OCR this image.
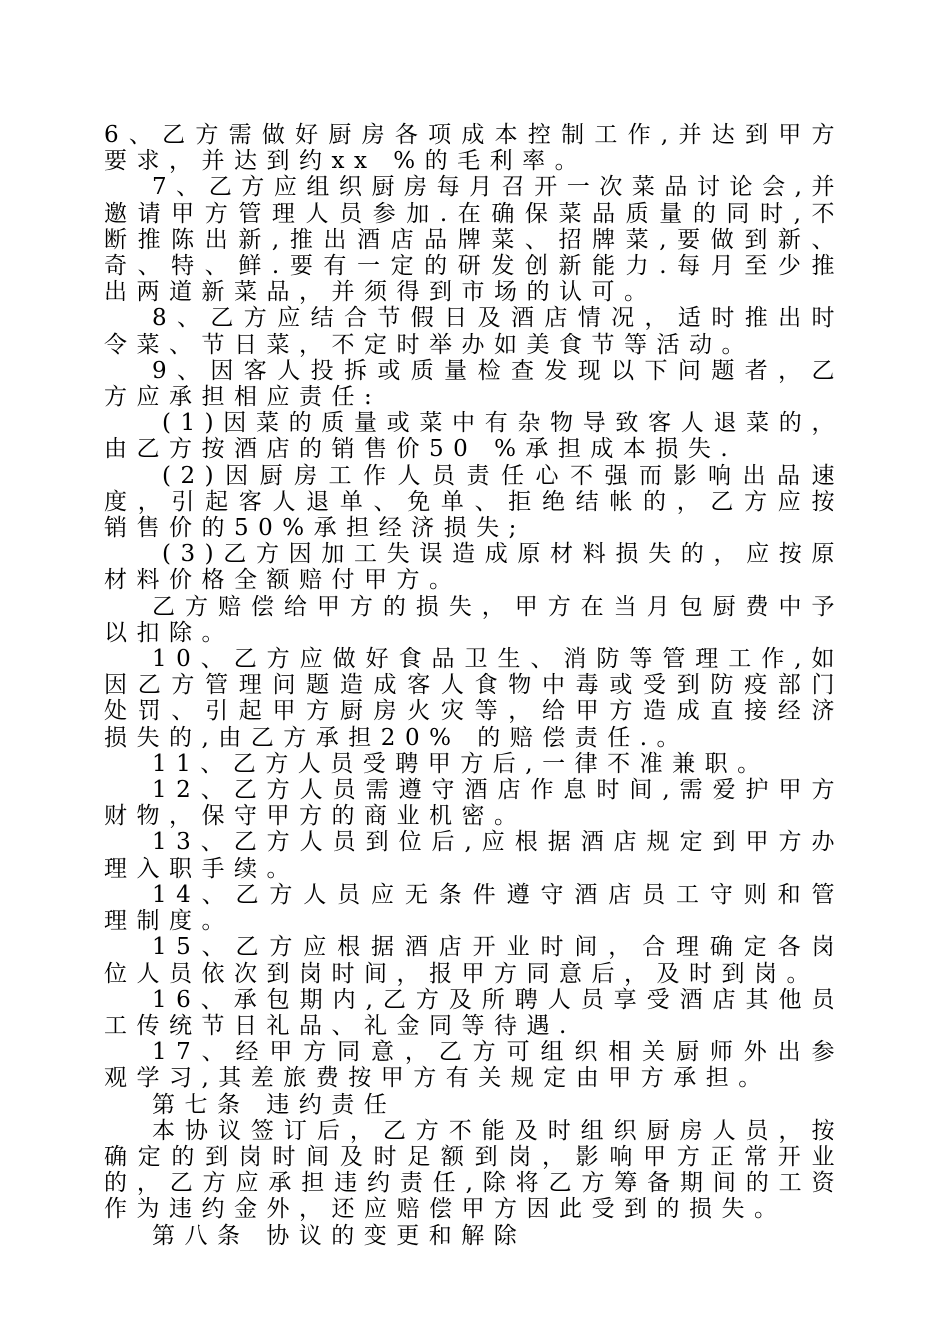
6、乙方需做好厨房各项成本控制工作,并达到甲方要求，并达到约xx %的毛利率。

7、乙方应组织厨房每月召开一次菜品讨论会,并邀请甲方管理人员参加.在确保菜品质量的同时,不断推陈出新,推出酒店品牌菜、招牌菜,要做到新、奇、特、鲜.要有一定的研发创新能力.每月至少推出两道新菜品，并须得到市场的认可。

8、乙方应结合节假日及酒店情况，适时推出时令菜、节日菜，不定时举办如美食节等活动。

9、因客人投拆或质量检查发现以下问题者，乙方应承担相应责任:

(1)因菜的质量或菜中有杂物导致客人退菜的，由乙方按酒店的销售价50 %承担成本损失.

(2)因厨房工作人员责任心不强而影响出品速度，引起客人退单、免单、拒绝结帐的，乙方应按销售价的50%承担经济损失;

(3)乙方因加工失误造成原材料损失的，应按原材料价格全额赔付甲方。

乙方赔偿给甲方的损失，甲方在当月包厨费中予以扣除。

10、乙方应做好食品卫生、消防等管理工作,如因乙方管理问题造成客人食物中毒或受到防疫部门处罚、引起甲方厨房火灾等，给甲方造成直接经济损失的,由乙方承担20% 的赔偿责任.。

11、乙方人员受聘甲方后,一律不准兼职。

12、乙方人员需遵守酒店作息时间,需爱护甲方财物，保守甲方的商业机密。

13、乙方人员到位后,应根据酒店规定到甲方办理入职手续。

14、乙方人员应无条件遵守酒店员工守则和管理制度。

15、乙方应根据酒店开业时间，合理确定各岗位人员依次到岗时间，报甲方同意后，及时到岗。

16、承包期内,乙方及所聘人员享受酒店其他员工传统节日礼品、礼金同等待遇.

17、经甲方同意，乙方可组织相关厨师外出参观学习,其差旅费按甲方有关规定由甲方承担。

第七条 违约责任

本协议签订后，乙方不能及时组织厨房人员，按确定的到岗时间及时足额到岗，影响甲方正常开业的，乙方应承担违约责任,除将乙方筹备期间的工资作为违约金外，还应赔偿甲方因此受到的损失。

第八条 协议的变更和解除
